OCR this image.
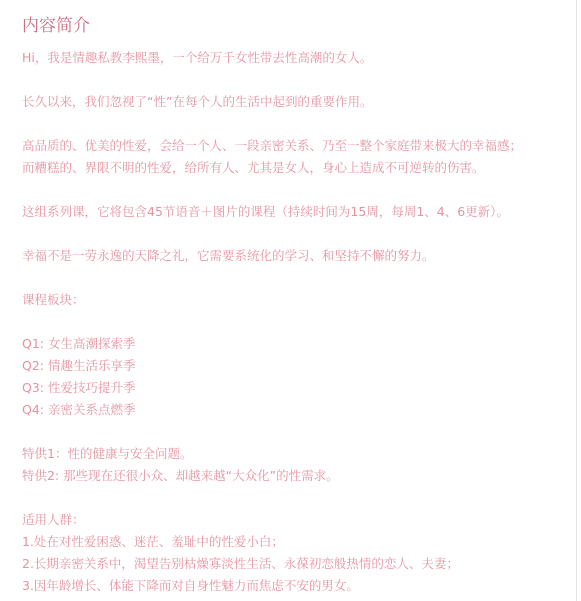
内容简介

Hi，我是情趣私教李熙墨，一个给万千女性带去性高潮的女人。

长久以来，我们忽视了“性”在每个人的生活中起到的重要作用。

高品质的、优美的性爱，会给一个人、一段亲密关系、乃至一整个家庭带来极大的幸福感；

而糟糕的、界限不明的性爱，给所有人、尤其是女人，身心上造成不可逆转的伤害。

这组系列课，它将包含45节语音＋图片的课程（持续时间为15周，每周1、4、6更新）。

幸福不是一劳永逸的天降之礼，它需要系统化的学习、和坚持不懈的努力。

课程板块：

Q1: 女生高潮探索季

Q2: 情趣生活乐享季

Q3: 性爱技巧提升季

Q4: 亲密关系点燃季

特供1：性的健康与安全问题。

特供2: 那些现在还很小众、却越来越“大众化”的性需求。

适用人群：

1.处在对性爱困惑、迷茫、羞耻中的性爱小白；

2.长期亲密关系中，渴望告别枯燥寡淡性生活、永葆初恋般热情的恋人、夫妻；

3.因年龄增长、体能下降而对自身性魅力而焦虑不安的男女。
